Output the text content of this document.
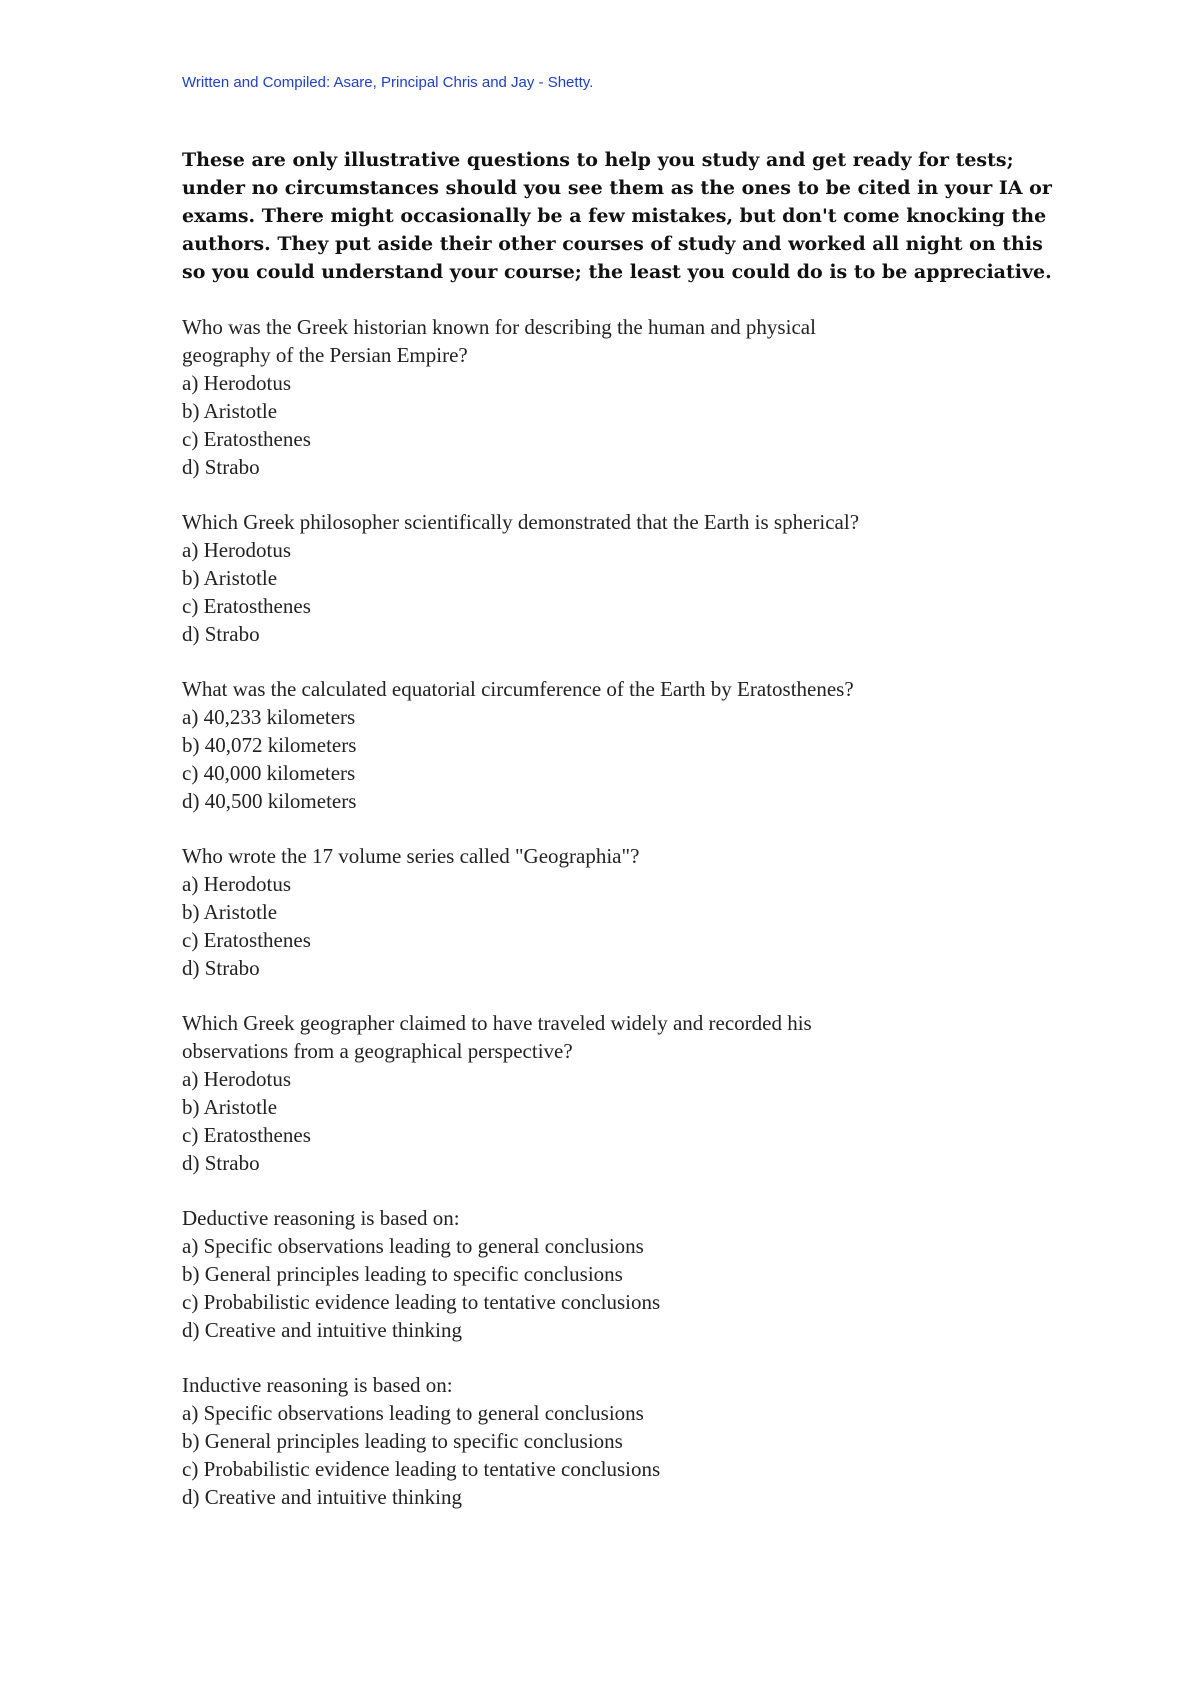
Written and Compiled: Asare, Principal Chris and Jay - Shetty.

These are only illustrative questions to help you study and get ready for tests;
under no circumstances should you see them as the ones to be cited in your IA or
exams. There might occasionally be a few mistakes, but don't come knocking the
authors. They put aside their other courses of study and worked all night on this
so you could understand your course; the least you could do is to be appreciative.

Who was the Greek historian known for describing the human and physical
geography of the Persian Empire?
a) Herodotus
b) Aristotle
c) Eratosthenes
d) Strabo
Which Greek philosopher scientifically demonstrated that the Earth is spherical?
a) Herodotus
b) Aristotle
c) Eratosthenes
d) Strabo
What was the calculated equatorial circumference of the Earth by Eratosthenes?
a) 40,233 kilometers
b) 40,072 kilometers
c) 40,000 kilometers
d) 40,500 kilometers
Who wrote the 17 volume series called "Geographia"?
a) Herodotus
b) Aristotle
c) Eratosthenes
d) Strabo
Which Greek geographer claimed to have traveled widely and recorded his
observations from a geographical perspective?
a) Herodotus
b) Aristotle
c) Eratosthenes
d) Strabo
Deductive reasoning is based on:
a) Specific observations leading to general conclusions
b) General principles leading to specific conclusions
c) Probabilistic evidence leading to tentative conclusions
d) Creative and intuitive thinking
Inductive reasoning is based on:
a) Specific observations leading to general conclusions
b) General principles leading to specific conclusions
c) Probabilistic evidence leading to tentative conclusions
d) Creative and intuitive thinking
